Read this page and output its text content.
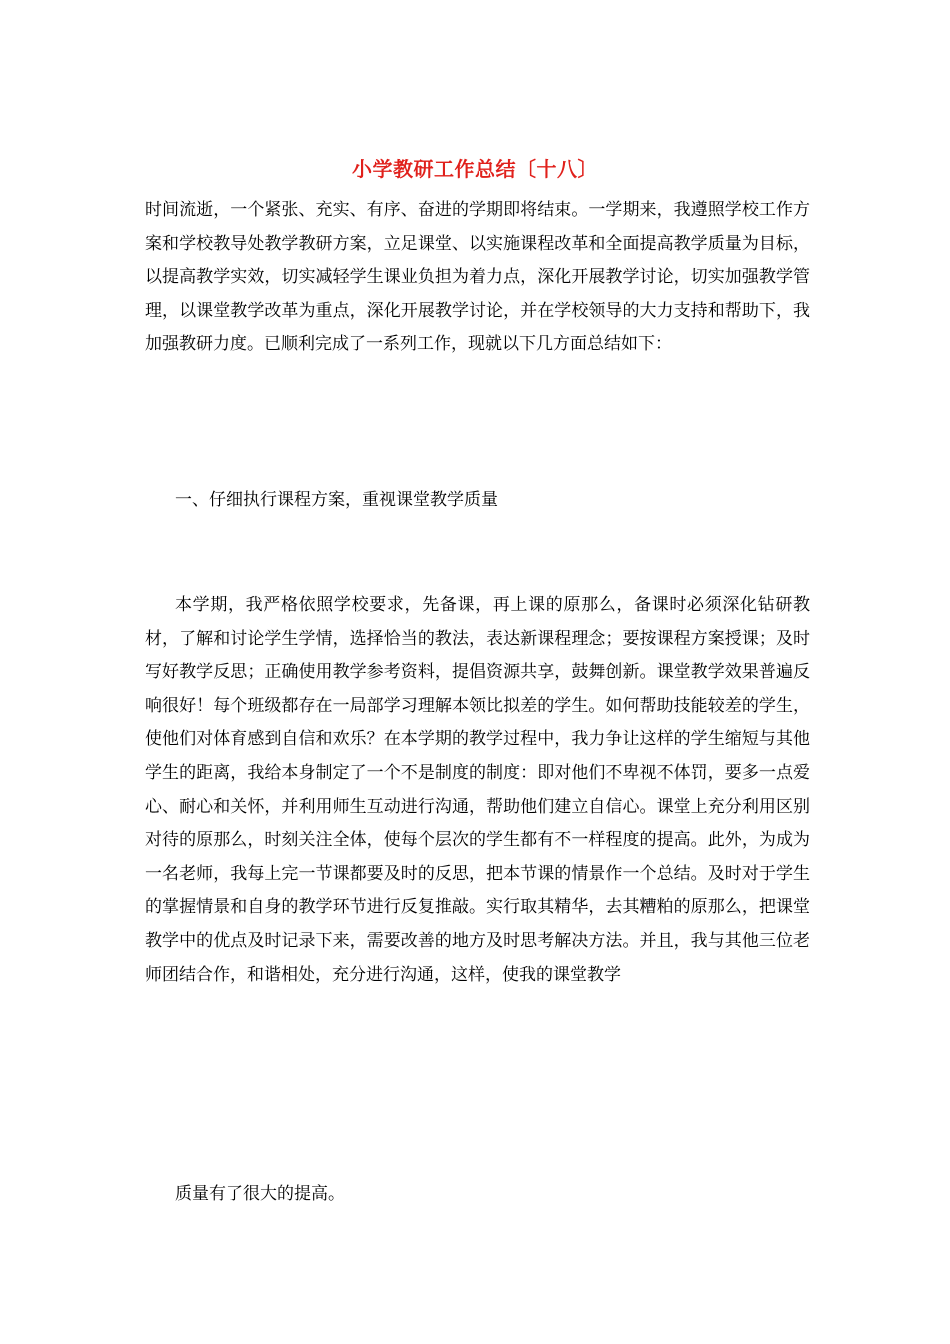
小学教研工作总结〔十八〕

时间流逝，一个紧张、充实、有序、奋进的学期即将结束。一学期来，我遵照学校工作方案和学校教导处教学教研方案，立足课堂、以实施课程改革和全面提高教学质量为目标，以提高教学实效，切实减轻学生课业负担为着力点，深化开展教学讨论，切实加强教学管理，以课堂教学改革为重点，深化开展教学讨论，并在学校领导的大力支持和帮助下，我加强教研力度。已顺利完成了一系列工作，现就以下几方面总结如下：

一、仔细执行课程方案，重视课堂教学质量

本学期，我严格依照学校要求，先备课，再上课的原那么，备课时必须深化钻研教材，了解和讨论学生学情，选择恰当的教法，表达新课程理念；要按课程方案授课；及时写好教学反思；正确使用教学参考资料，提倡资源共享，鼓舞创新。课堂教学效果普遍反响很好！每个班级都存在一局部学习理解本领比拟差的学生。如何帮助技能较差的学生，使他们对体育感到自信和欢乐？在本学期的教学过程中，我力争让这样的学生缩短与其他学生的距离，我给本身制定了一个不是制度的制度：即对他们不卑视不体罚，要多一点爱心、耐心和关怀，并利用师生互动进行沟通，帮助他们建立自信心。课堂上充分利用区别对待的原那么，时刻关注全体，使每个层次的学生都有不一样程度的提高。此外，为成为一名老师，我每上完一节课都要及时的反思，把本节课的情景作一个总结。及时对于学生的掌握情景和自身的教学环节进行反复推敲。实行取其精华，去其糟粕的原那么，把课堂教学中的优点及时记录下来，需要改善的地方及时思考解决方法。并且，我与其他三位老师团结合作，和谐相处，充分进行沟通，这样，使我的课堂教学

质量有了很大的提高。
